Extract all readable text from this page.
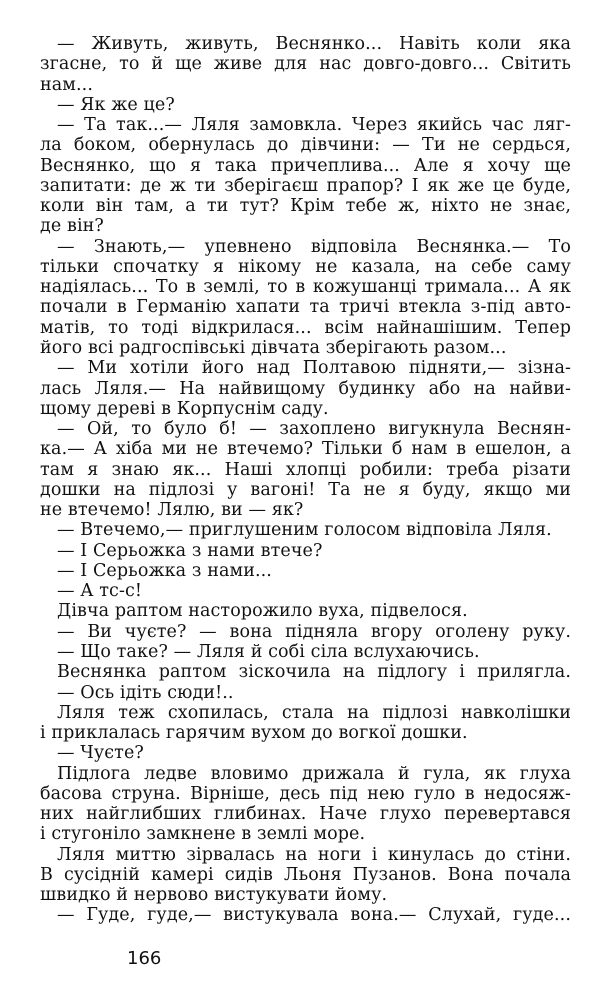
— Живуть, живуть, Веснянко... Навіть коли яка
згасне, то й ще живе для нас довго-довго... Світить
нам...
— Як же це?
— Та так...— Ляля замовкла. Через якийсь час ляг-
ла боком, обернулась до дівчини: — Ти не сердься,
Веснянко, що я така причеплива... Але я хочу ще
запитати: де ж ти зберігаєш прапор? І як же це буде,
коли він там, а ти тут? Крім тебе ж, ніхто не знає,
де він?
— Знають,— упевнено відповіла Веснянка.— То
тільки спочатку я нікому не казала, на себе саму
надіялась... То в землі, то в кожушанці тримала... А як
почали в Германію хапати та тричі втекла з-під авто-
матів, то тоді відкрилася... всім найнашішим. Тепер
його всі радгоспівські дівчата зберігають разом...
— Ми хотіли його над Полтавою підняти,— зізна-
лась Ляля.— На найвищому будинку або на найви-
щому дереві в Корпуснім саду.
— Ой, то було б! — захоплено вигукнула Веснян-
ка.— А хіба ми не втечемо? Тільки б нам в ешелон, а
там я знаю як... Наші хлопці робили: треба різати
дошки на підлозі у вагоні! Та не я буду, якщо ми
не втечемо! Лялю, ви — як?
— Втечемо,— приглушеним голосом відповіла Ляля.
— І Серьожка з нами втече?
— І Серьожка з нами...
— А тс-с!
Дівча раптом насторожило вуха, підвелося.
— Ви чуєте? — вона підняла вгору оголену руку.
— Що таке? — Ляля й собі сіла вслухаючись.
Веснянка раптом зіскочила на підлогу і прилягла.
— Ось ідіть сюди!..
Ляля теж схопилась, стала на підлозі навколішки
і приклалась гарячим вухом до вогкої дошки.
— Чуєте?
Підлога ледве вловимо дрижала й гула, як глуха
басова струна. Вірніше, десь під нею гуло в недосяж-
них найглибших глибинах. Наче глухо перевертався
і стугоніло замкнене в землі море.
Ляля миттю зірвалась на ноги і кинулась до стіни.
В сусідній камері сидів Льоня Пузанов. Вона почала
швидко й нервово вистукувати йому.
— Гуде, гуде,— вистукувала вона.— Слухай, гуде...
166
